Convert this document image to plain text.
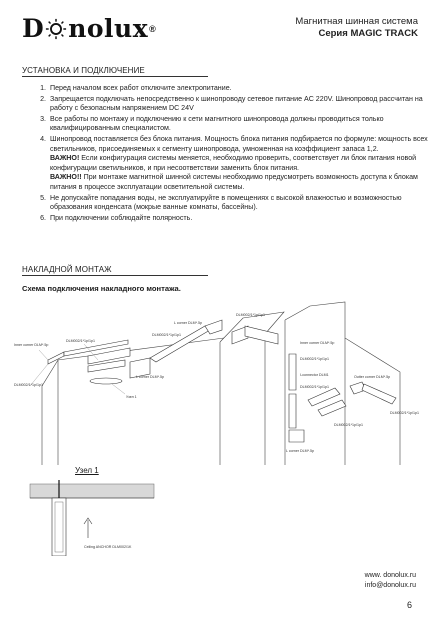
D nolux ®
Магнитная шинная система
Серия MAGIC TRACK
УСТАНОВКА И ПОДКЛЮЧЕНИЕ
1. Перед началом всех работ отключите электропитание.
2. Запрещается подключать непосредственно к шинопроводу сетевое питание AC 220V. Шинопровод рассчитан на работу с безопасным напряжением DC 24V
3. Все работы по монтажу и подключению к сети магнитного шинопровода должны проводиться только квалифицированным специалистом.
4. Шинопровод поставляется без блока питания. Мощность блока питания подбирается по формуле: мощность всех светильников, присоединяемых к сегменту шинопровода, умноженная на коэффициент запаса 1,2.
ВАЖНО! Если конфигурация системы меняется, необходимо проверить, соответствует ли блок питания новой конфигурации светильников, и при несоответствии заменить блок питания.
ВАЖНО!! При монтаже магнитной шинной системы необходимо предусмотреть возможность доступа к блокам питания в процессе эксплуатации осветительной системы.
5. Не допускайте попадания воды, не эксплуатируйте в помещениях с высокой влажностью и возможностью образования конденсата (мокрые ванные комнаты, бассейны).
6. При подключении соблюдайте полярность.
НАКЛАДНОЙ МОНТАЖ
Схема подключения накладного монтажа.
Inner corner DLM*.5p
DLM002/1*1p/1p1
DLM002/1*1p/1p1
Узел 1
L corner DLM*.5p
DLM002/1*1p/1p1
L corner DLM*.5p
DLM002/1*1p/1p1
Inner corner DLM*.5p
DLM002/1*1p/1p1
I-connector DLM1
DLM002/1*1p/1p1
Outter corner DLM*.5p
DLM002/1*1p/1p1
DLM002/1*1p/1p1
L corner DLM*.5p
Узел 1
Ceiling ANCHOR DLM002/1K
www. donolux.ru
info@donolux.ru
6
